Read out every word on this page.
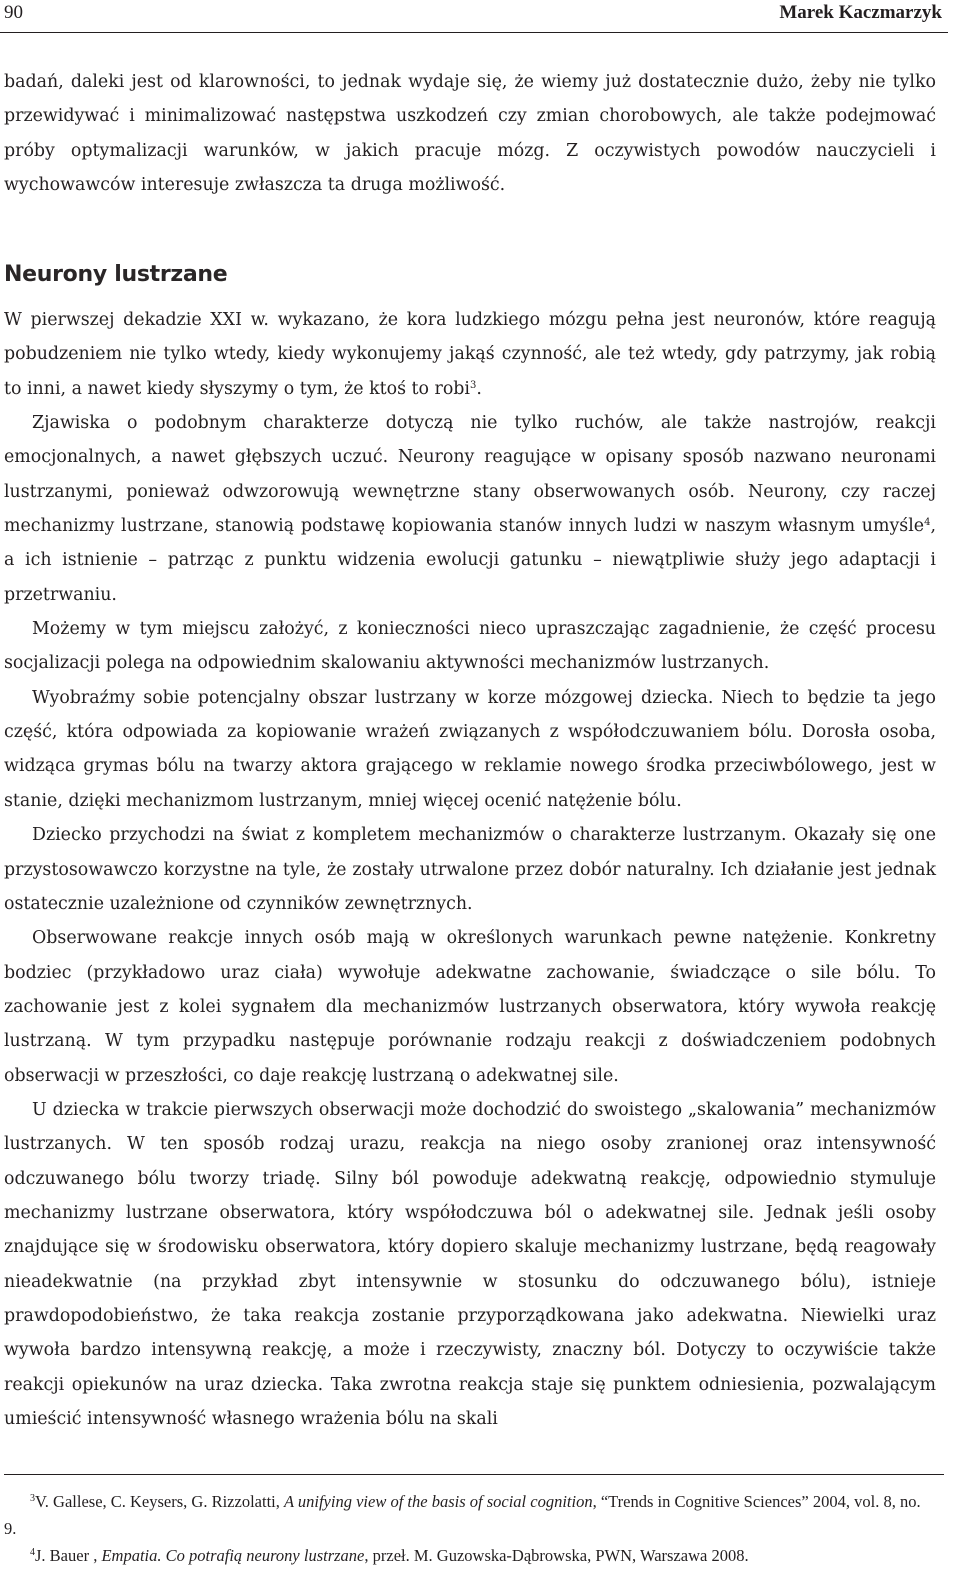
90	Marek Kaczmarzyk

badań, daleki jest od klarowności, to jednak wydaje się, że wiemy już dostatecznie dużo, żeby nie tylko przewidywać i minimalizować następstwa uszkodzeń czy zmian chorobowych, ale także podejmować próby optymalizacji warunków, w jakich pracuje mózg. Z oczywistych powodów nauczycieli i wychowawców interesuje zwłaszcza ta druga możliwość.

Neurony lustrzane

W pierwszej dekadzie XXI w. wykazano, że kora ludzkiego mózgu pełna jest neuronów, które reagują pobudzeniem nie tylko wtedy, kiedy wykonujemy jakąś czynność, ale też wtedy, gdy patrzymy, jak robią to inni, a nawet kiedy słyszymy o tym, że ktoś to robi$^3$.

Zjawiska o podobnym charakterze dotyczą nie tylko ruchów, ale także nastrojów, reakcji emocjonalnych, a nawet głębszych uczuć. Neurony reagujące w opisany sposób nazwano neuronami lustrzanymi, ponieważ odwzorowują wewnętrzne stany obserwowanych osób. Neurony, czy raczej mechanizmy lustrzane, stanowią podstawę kopiowania stanów innych ludzi w naszym własnym umyśle$^4$, a ich istnienie – patrząc z punktu widzenia ewolucji gatunku – niewątpliwie służy jego adaptacji i przetrwaniu.

Możemy w tym miejscu założyć, z konieczności nieco upraszczając zagadnienie, że część procesu socjalizacji polega na odpowiednim skalowaniu aktywności mechanizmów lustrzanych.

Wyobraźmy sobie potencjalny obszar lustrzany w korze mózgowej dziecka. Niech to będzie ta jego część, która odpowiada za kopiowanie wrażeń związanych z współodczuwaniem bólu. Dorosła osoba, widząca grymas bólu na twarzy aktora grającego w reklamie nowego środka przeciwbólowego, jest w stanie, dzięki mechanizmom lustrzanym, mniej więcej ocenić natężenie bólu.

Dziecko przychodzi na świat z kompletem mechanizmów o charakterze lustrzanym. Okazały się one przystosowawczo korzystne na tyle, że zostały utrwalone przez dobór naturalny. Ich działanie jest jednak ostatecznie uzależnione od czynników zewnętrznych.

Obserwowane reakcje innych osób mają w określonych warunkach pewne natężenie. Konkretny bodziec (przykładowo uraz ciała) wywołuje adekwatne zachowanie, świadczące o sile bólu. To zachowanie jest z kolei sygnałem dla mechanizmów lustrzanych obserwatora, który wywoła reakcję lustrzaną. W tym przypadku następuje porównanie rodzaju reakcji z doświadczeniem podobnych obserwacji w przeszłości, co daje reakcję lustrzaną o adekwatnej sile.

U dziecka w trakcie pierwszych obserwacji może dochodzić do swoistego „skalowania” mechanizmów lustrzanych. W ten sposób rodzaj urazu, reakcja na niego osoby zranionej oraz intensywność odczuwanego bólu tworzy triadę. Silny ból powoduje adekwatną reakcję, odpowiednio stymuluje mechanizmy lustrzane obserwatora, który współodczuwa ból o adekwatnej sile. Jednak jeśli osoby znajdujące się w środowisku obserwatora, który dopiero skaluje mechanizmy lustrzane, będą reagowały nieadekwatnie (na przykład zbyt intensywnie w stosunku do odczuwanego bólu), istnieje prawdopodobieństwo, że taka reakcja zostanie przyporządkowana jako adekwatna. Niewielki uraz wywoła bardzo intensywną reakcję, a może i rzeczywisty, znaczny ból. Dotyczy to oczywiście także reakcji opiekunów na uraz dziecka. Taka zwrotna reakcja staje się punktem odniesienia, pozwalającym umieścić intensywność własnego wrażenia bólu na skali

$^3$V. Gallese, C. Keysers, G. Rizzolatti, A unifying view of the basis of social cognition, “Trends in Cognitive Sciences” 2004, vol. 8, no. 9.

$^4$J. Bauer , Empatia. Co potrafią neurony lustrzane, przeł. M. Guzowska-Dąbrowska, PWN, Warszawa 2008.
